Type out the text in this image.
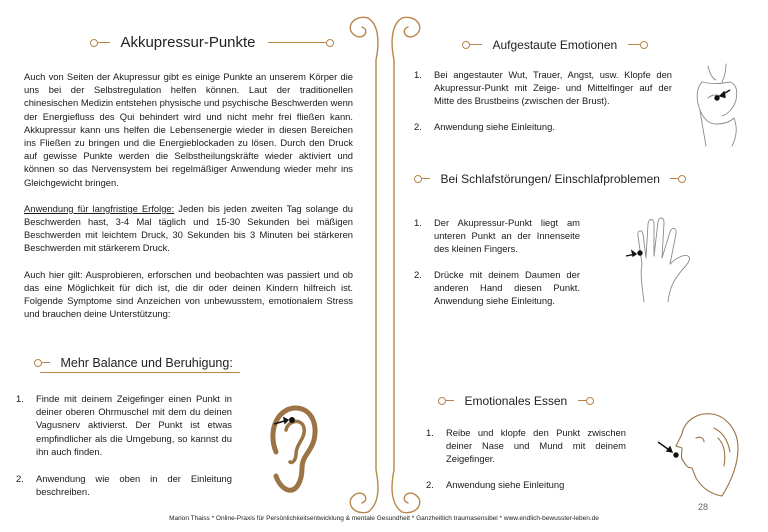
Akkupressur-Punkte

Auch von Seiten der Akupressur gibt es einige Punkte an unserem Körper die uns bei der Selbstregulation helfen können. Laut der traditionellen chinesischen Medizin entstehen physische und psychische Beschwerden wenn der Energiefluss des Qui behindert wird und nicht mehr frei fließen kann. Akkupressur kann uns helfen die Lebensenergie wieder in diesen Bereichen ins Fließen zu bringen und die Energieblockaden zu lösen. Durch den Druck auf gewisse Punkte werden die Selbstheilungskräfte wieder aktiviert und können so das Nervensystem bei regelmäßiger Anwendung wieder mehr ins Gleichgewicht bringen.

Anwendung für langfristige Erfolge: Jeden bis jeden zweiten Tag solange du Beschwerden hast, 3-4 Mal täglich und 15-30 Sekunden bei mäßigen Beschwerden mit leichtem Druck, 30 Sekunden bis 3 Minuten bei stärkeren Beschwerden mit stärkerem Druck.

Auch hier gilt: Ausprobieren, erforschen und beobachten was passiert und ob das eine Möglichkeit für dich ist, die dir oder deinen Kindern hilfreich ist. Folgende Symptome sind Anzeichen von unbewusstem, emotionalem Stress und brauchen deine Unterstützung:

Mehr Balance und Beruhigung:
1. Finde mit deinem Zeigefinger einen Punkt in deiner oberen Ohrmuschel mit dem du deinen Vagusnerv aktivierst. Der Punkt ist etwas empfindlicher als die Umgebung, so kannst du ihn auch finden.
2. Anwendung wie oben in der Einleitung beschreiben.
Aufgestaute Emotionen
1. Bei angestauter Wut, Trauer, Angst, usw. Klopfe den Akupressur-Punkt mit Zeige- und Mittelfinger auf der Mitte des Brustbeins (zwischen der Brust).
2. Anwendung siehe Einleitung.
Bei Schlafstörungen/ Einschlafproblemen
1. Der Akupressur-Punkt liegt am unteren Punkt an der Innenseite des kleinen Fingers.
2. Drücke mit deinem Daumen der anderen Hand diesen Punkt. Anwendung siehe Einleitung.
Emotionales Essen
1. Reibe und klopfe den Punkt zwischen deiner Nase und Mund mit deinem Zeigefinger.
2. Anwendung siehe Einleitung
28
Marion Thaiss * Online-Praxis für Persönlichkeitsentwicklung & mentale Gesundheit * Ganzheitlich traumasensibel * www.endlich-bewusster-leben.de
